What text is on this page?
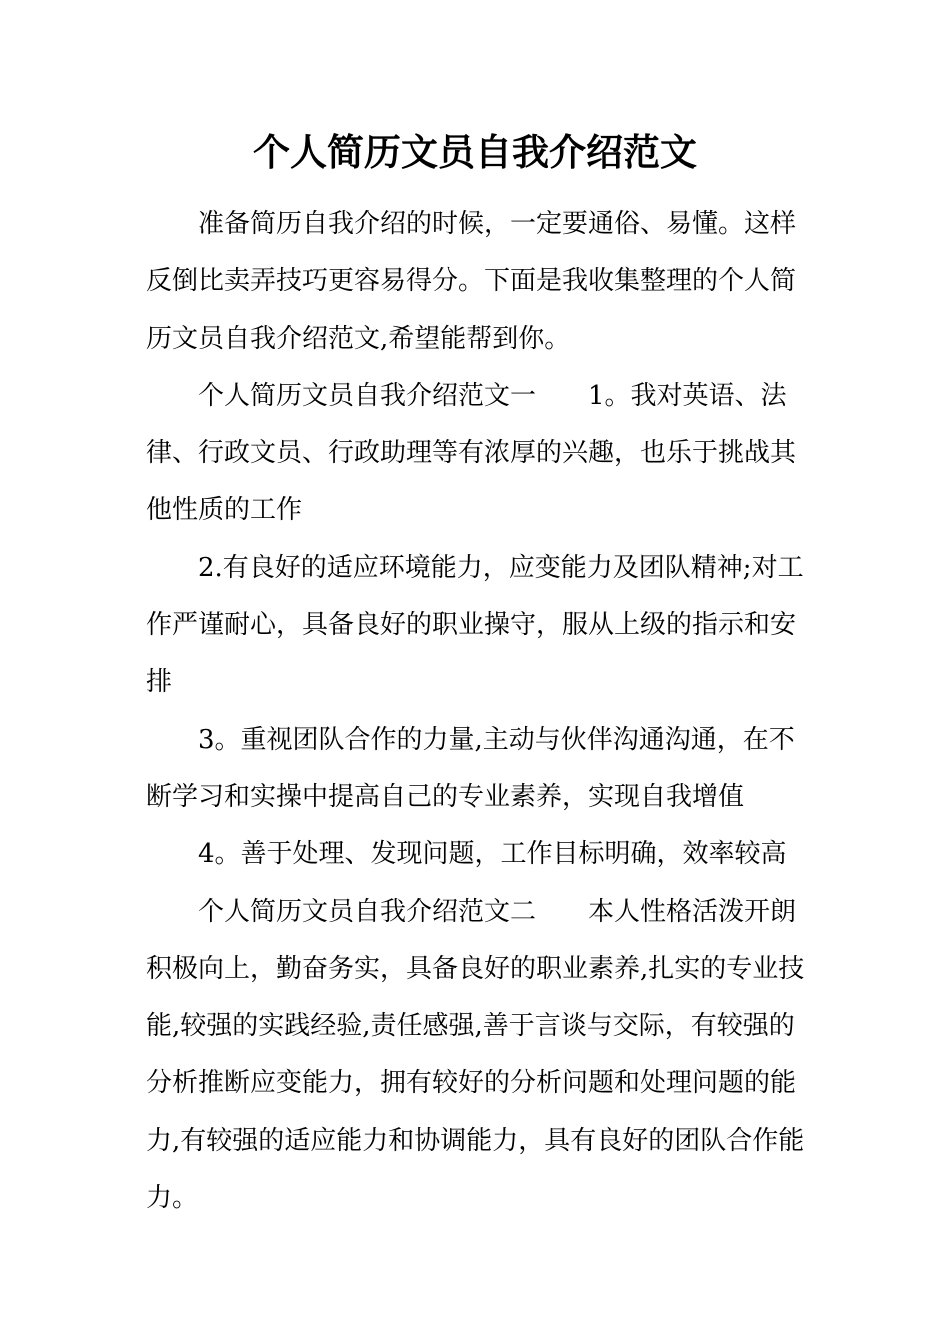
个人简历文员自我介绍范文

准备简历自我介绍的时候，一定要通俗、易懂。这样反倒比卖弄技巧更容易得分。下面是我收集整理的个人简历文员自我介绍范文,希望能帮到你。

个人简历文员自我介绍范文一　　1。我对英语、法律、行政文员、行政助理等有浓厚的兴趣，也乐于挑战其他性质的工作

2.有良好的适应环境能力，应变能力及团队精神;对工作严谨耐心，具备良好的职业操守，服从上级的指示和安排

3。重视团队合作的力量,主动与伙伴沟通沟通，在不断学习和实操中提高自己的专业素养，实现自我增值

4。善于处理、发现问题，工作目标明确，效率较高

个人简历文员自我介绍范文二　　本人性格活泼开朗积极向上，勤奋务实，具备良好的职业素养,扎实的专业技能,较强的实践经验,责任感强,善于言谈与交际，有较强的分析推断应变能力，拥有较好的分析问题和处理问题的能力,有较强的适应能力和协调能力，具有良好的团队合作能力。
